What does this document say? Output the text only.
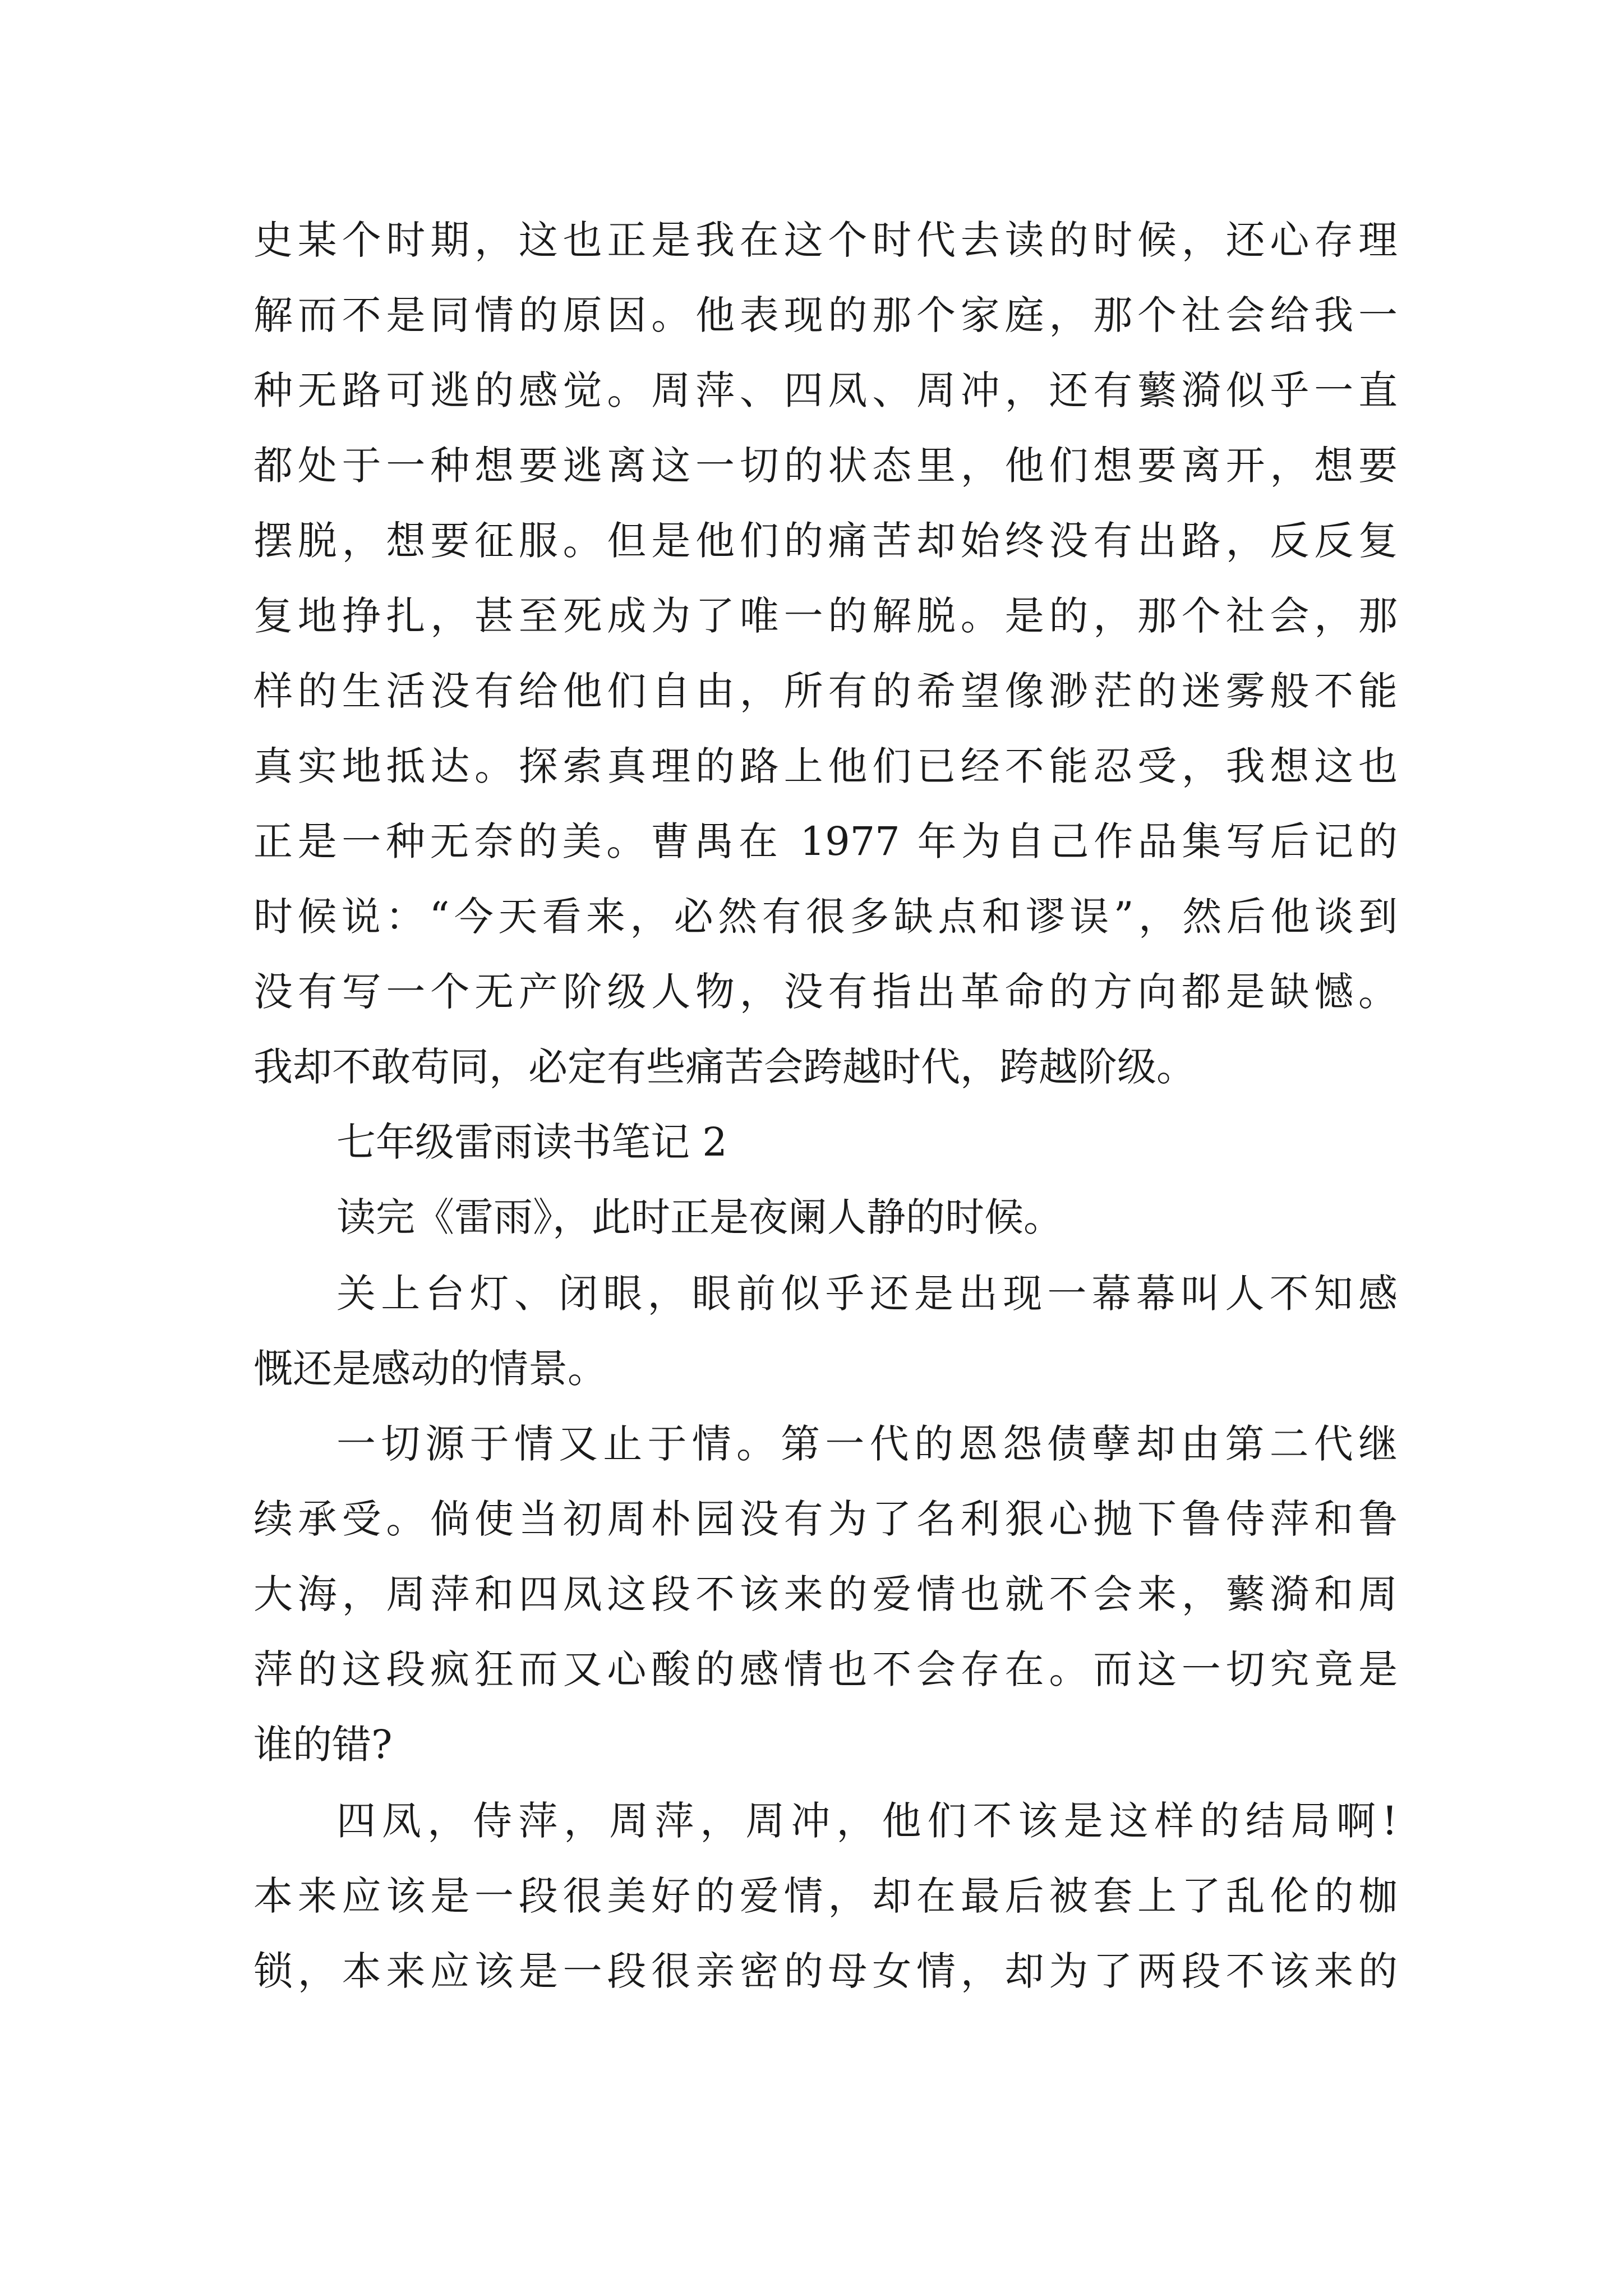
史某个时期，这也正是我在这个时代去读的时候，还心存理
解而不是同情的原因。他表现的那个家庭，那个社会给我一
种无路可逃的感觉。周萍、四凤、周冲，还有蘩漪似乎一直
都处于一种想要逃离这一切的状态里，他们想要离开，想要
摆脱，想要征服。但是他们的痛苦却始终没有出路，反反复
复地挣扎，甚至死成为了唯一的解脱。是的，那个社会，那
样的生活没有给他们自由，所有的希望像渺茫的迷雾般不能
真实地抵达。探索真理的路上他们已经不能忍受，我想这也
正是一种无奈的美。曹禺在 1977 年为自己作品集写后记的
时候说：“今天看来，必然有很多缺点和谬误”，然后他谈到
没有写一个无产阶级人物，没有指出革命的方向都是缺憾。
我却不敢苟同，必定有些痛苦会跨越时代，跨越阶级。
七年级雷雨读书笔记 2
读完《雷雨》，此时正是夜阑人静的时候。
关上台灯、闭眼，眼前似乎还是出现一幕幕叫人不知感
慨还是感动的情景。
一切源于情又止于情。第一代的恩怨债孽却由第二代继
续承受。倘使当初周朴园没有为了名利狠心抛下鲁侍萍和鲁
大海，周萍和四凤这段不该来的爱情也就不会来，蘩漪和周
萍的这段疯狂而又心酸的感情也不会存在。而这一切究竟是
谁的错?
四凤，侍萍，周萍，周冲，他们不该是这样的结局啊!
本来应该是一段很美好的爱情，却在最后被套上了乱伦的枷
锁，本来应该是一段很亲密的母女情，却为了两段不该来的
